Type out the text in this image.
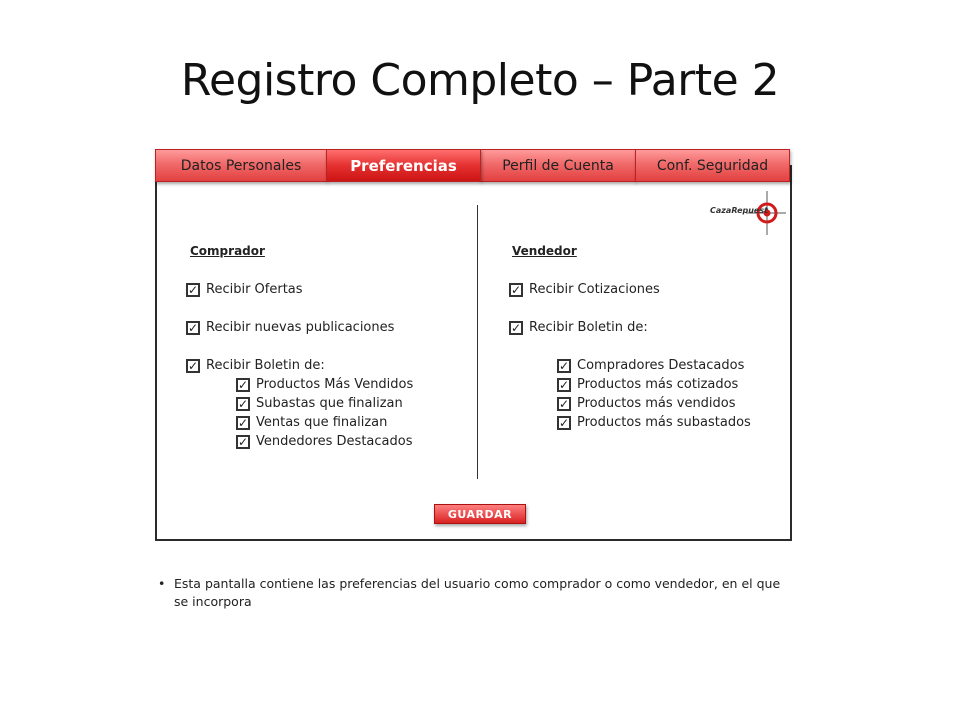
Registro Completo – Parte 2
Datos Personales	Preferencias	Perfil de Cuenta	Conf. Seguridad
CazaRepuest
Comprador
✓ Recibir Ofertas
✓ Recibir nuevas publicaciones
✓ Recibir Boletin de:
✓ Productos Más Vendidos
✓ Subastas que finalizan
✓ Ventas que finalizan
✓ Vendedores Destacados
Vendedor
✓ Recibir Cotizaciones
✓ Recibir Boletin de:
✓ Compradores Destacados
✓ Productos más cotizados
✓ Productos más vendidos
✓ Productos más subastados
GUARDAR
• Esta pantalla contiene las preferencias del usuario como comprador o como vendedor, en el que se incorpora
